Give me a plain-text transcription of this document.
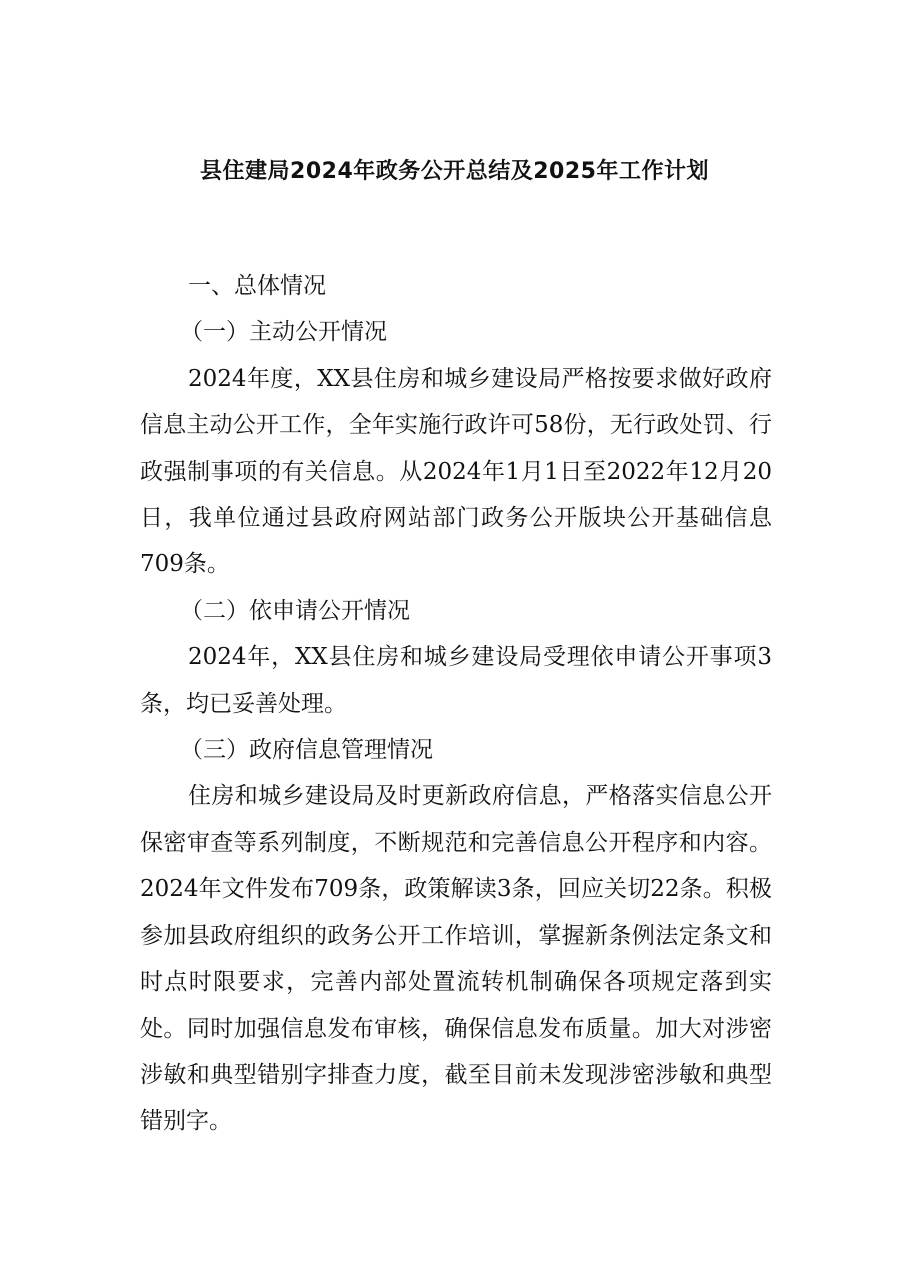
县住建局2024年政务公开总结及2025年工作计划

一、总体情况

（一）主动公开情况

2024年度，XX县住房和城乡建设局严格按要求做好政府信息主动公开工作，全年实施行政许可58份，无行政处罚、行政强制事项的有关信息。从2024年1月1日至2022年12月20日，我单位通过县政府网站部门政务公开版块公开基础信息709条。

（二）依申请公开情况

2024年，XX县住房和城乡建设局受理依申请公开事项3条，均已妥善处理。

（三）政府信息管理情况

住房和城乡建设局及时更新政府信息，严格落实信息公开保密审查等系列制度，不断规范和完善信息公开程序和内容。2024年文件发布709条，政策解读3条，回应关切22条。积极参加县政府组织的政务公开工作培训，掌握新条例法定条文和时点时限要求，完善内部处置流转机制确保各项规定落到实处。同时加强信息发布审核，确保信息发布质量。加大对涉密涉敏和典型错别字排查力度，截至目前未发现涉密涉敏和典型错别字。
